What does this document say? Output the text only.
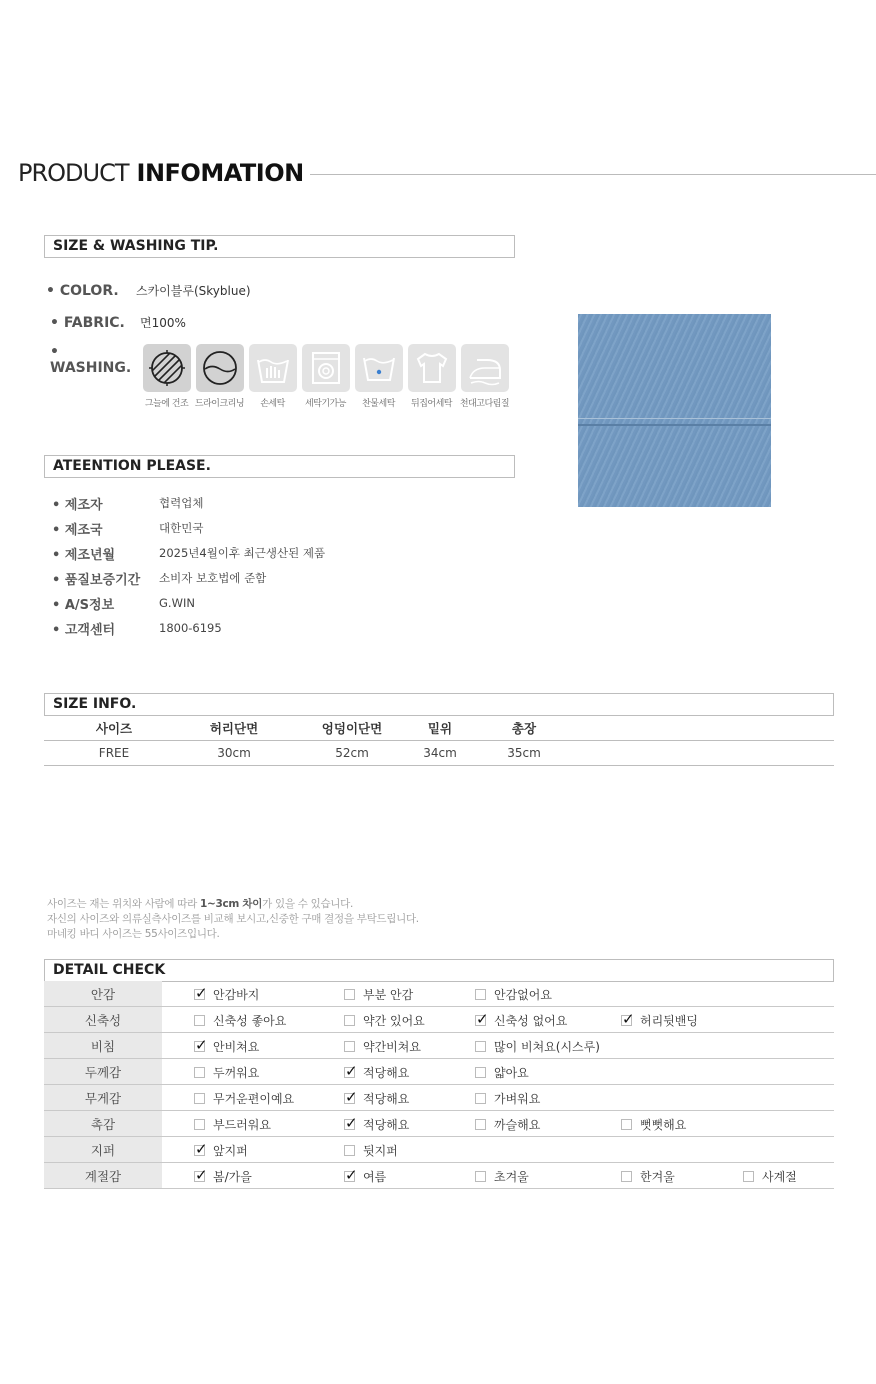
PRODUCT INFOMATION
SIZE & WASHING TIP.
• COLOR.	스카이블루(Skyblue)
• FABRIC.	면100%
• WASHING.
그늘에 건조 드라이크리닝 손세탁 세탁기가능 찬물세탁 뒤집어세탁 천대고다림질
ATEENTION PLEASE.
• 제조자	협력업체
• 제조국	대한민국
• 제조년월	2025년4월이후 최근생산된 제품
• 품질보증기간	소비자 보호법에 준함
• A/S정보	G.WIN
• 고객센터	1800-6195
SIZE INFO.
사이즈	허리단면	엉덩이단면	밑위	총장
FREE	30cm	52cm	34cm	35cm
사이즈는 재는 위치와 사람에 따라 1~3cm 차이가 있을 수 있습니다.
자신의 사이즈와 의류실측사이즈를 비교해 보시고,신중한 구매 결정을 부탁드립니다.
마네킹 바디 사이즈는 55사이즈입니다.
DETAIL CHECK
안감 ✓	안감바지	부분 안감	안감없어요
신축성	신축성 좋아요	약간 있어요 ✓	신축성 없어요 ✓	허리뒷밴딩
비침 ✓	안비쳐요	약간비쳐요	많이 비쳐요(시스루)
두께감	두꺼워요 ✓	적당해요	얇아요
무게감	무거운편이예요 ✓	적당해요	가벼워요
촉감	부드러워요 ✓	적당해요	까슬해요	뻣뻣해요
지퍼 ✓	앞지퍼	뒷지퍼
계절감 ✓	봄/가을 ✓	여름	초겨울	한겨울	사계절
